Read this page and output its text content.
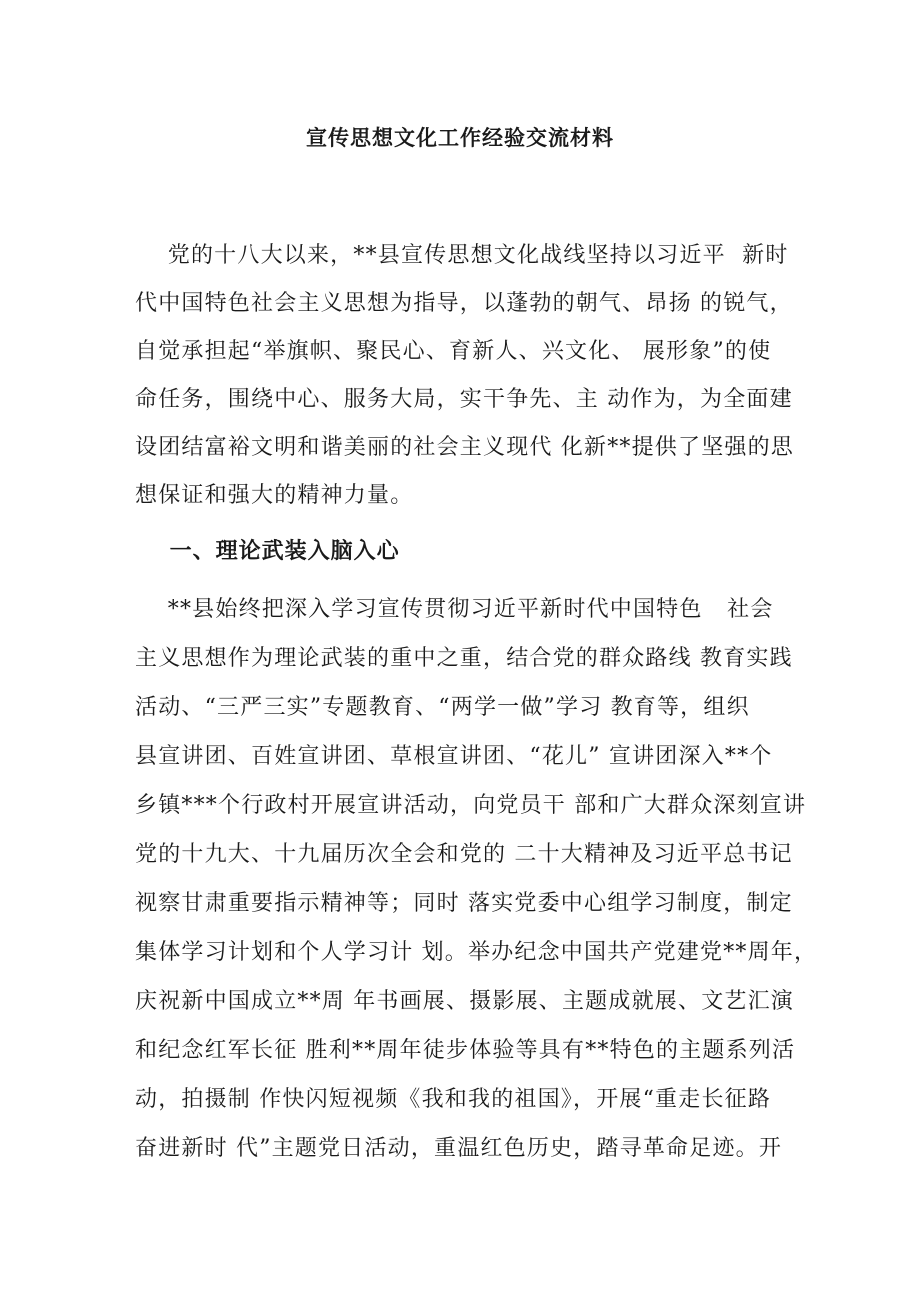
宣传思想文化工作经验交流材料
党的十八大以来，**县宣传思想文化战线坚持以习近平  新时
代中国特色社会主义思想为指导，以蓬勃的朝气、昂扬 的锐气，
自觉承担起“举旗帜、聚民心、育新人、兴文化、 展形象”的使
命任务，围绕中心、服务大局，实干争先、主 动作为，为全面建
设团结富裕文明和谐美丽的社会主义现代 化新**提供了坚强的思
想保证和强大的精神力量。
一、理论武装入脑入心
**县始终把深入学习宣传贯彻习近平新时代中国特色   社会
主义思想作为理论武装的重中之重，结合党的群众路线 教育实践
活动、“三严三实”专题教育、“两学一做”学习 教育等，组织
县宣讲团、百姓宣讲团、草根宣讲团、“花儿” 宣讲团深入**个
乡镇***个行政村开展宣讲活动，向党员干 部和广大群众深刻宣讲
党的十九大、十九届历次全会和党的 二十大精神及习近平总书记
视察甘肃重要指示精神等；同时 落实党委中心组学习制度，制定
集体学习计划和个人学习计 划。举办纪念中国共产党建党**周年，
庆祝新中国成立**周 年书画展、摄影展、主题成就展、文艺汇演
和纪念红军长征 胜利**周年徒步体验等具有**特色的主题系列活
动，拍摄制 作快闪短视频《我和我的祖国》，开展“重走长征路
奋进新时 代”主题党日活动，重温红色历史，踏寻革命足迹。开
